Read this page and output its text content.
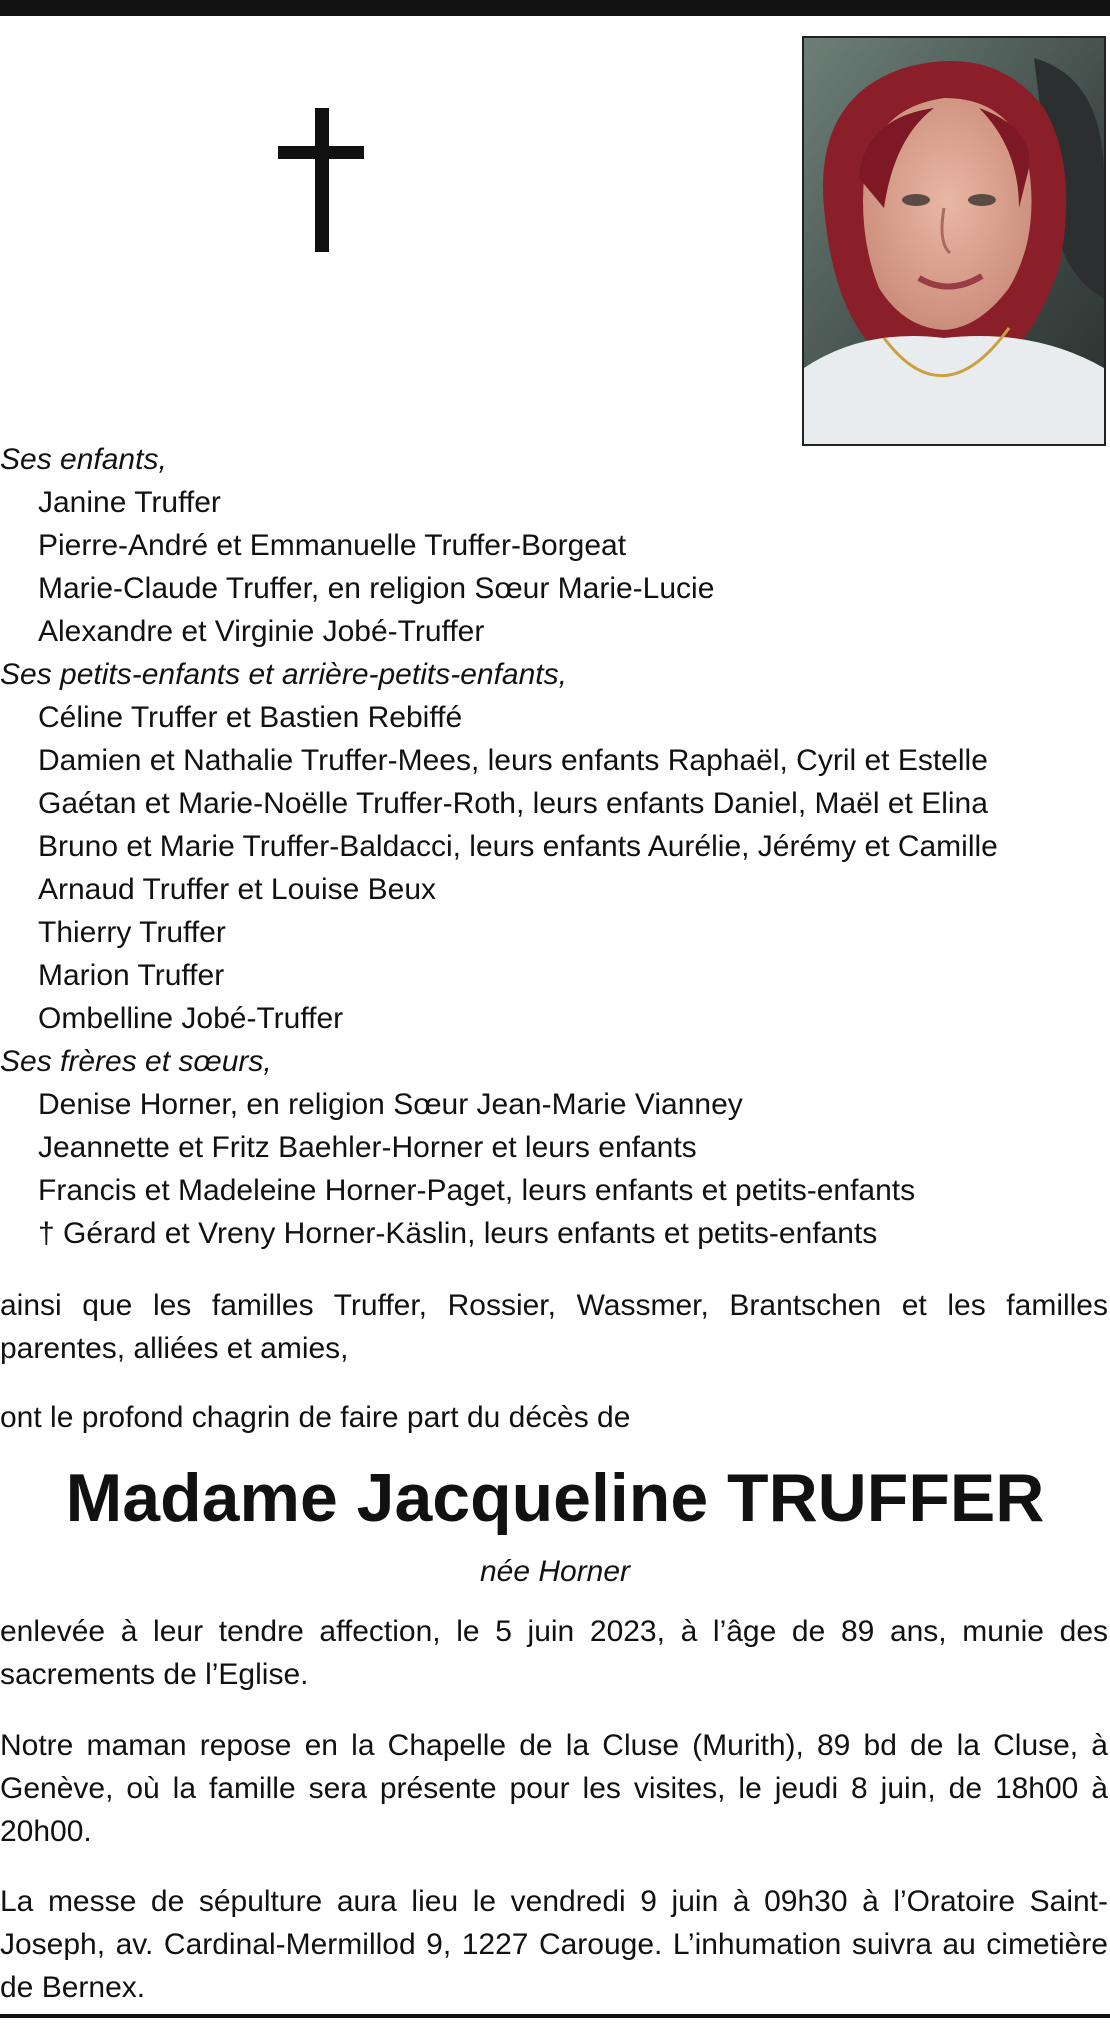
Ses enfants,
Janine Truffer
Pierre-André et Emmanuelle Truffer-Borgeat
Marie-Claude Truffer, en religion Sœur Marie-Lucie
Alexandre et Virginie Jobé-Truffer
Ses petits-enfants et arrière-petits-enfants,
Céline Truffer et Bastien Rebiffé
Damien et Nathalie Truffer-Mees, leurs enfants Raphaël, Cyril et Estelle
Gaétan et Marie-Noëlle Truffer-Roth, leurs enfants Daniel, Maël et Elina
Bruno et Marie Truffer-Baldacci, leurs enfants Aurélie, Jérémy et Camille
Arnaud Truffer et Louise Beux
Thierry Truffer
Marion Truffer
Ombelline Jobé-Truffer
Ses frères et sœurs,
Denise Horner, en religion Sœur Jean-Marie Vianney
Jeannette et Fritz Baehler-Horner et leurs enfants
Francis et Madeleine Horner-Paget, leurs enfants et petits-enfants
† Gérard et Vreny Horner-Käslin, leurs enfants et petits-enfants

ainsi que les familles Truffer, Rossier, Wassmer, Brantschen et les familles parentes, alliées et amies,

ont le profond chagrin de faire part du décès de

Madame Jacqueline TRUFFER
née Horner

enlevée à leur tendre affection, le 5 juin 2023, à l’âge de 89 ans, munie des sacrements de l’Eglise.

Notre maman repose en la Chapelle de la Cluse (Murith), 89 bd de la Cluse, à Genève, où la famille sera présente pour les visites, le jeudi 8 juin, de 18h00 à 20h00.

La messe de sépulture aura lieu le vendredi 9 juin à 09h30 à l’Oratoire Saint-Joseph, av. Cardinal-Mermillod 9, 1227 Carouge. L’inhumation suivra au cimetière de Bernex.
